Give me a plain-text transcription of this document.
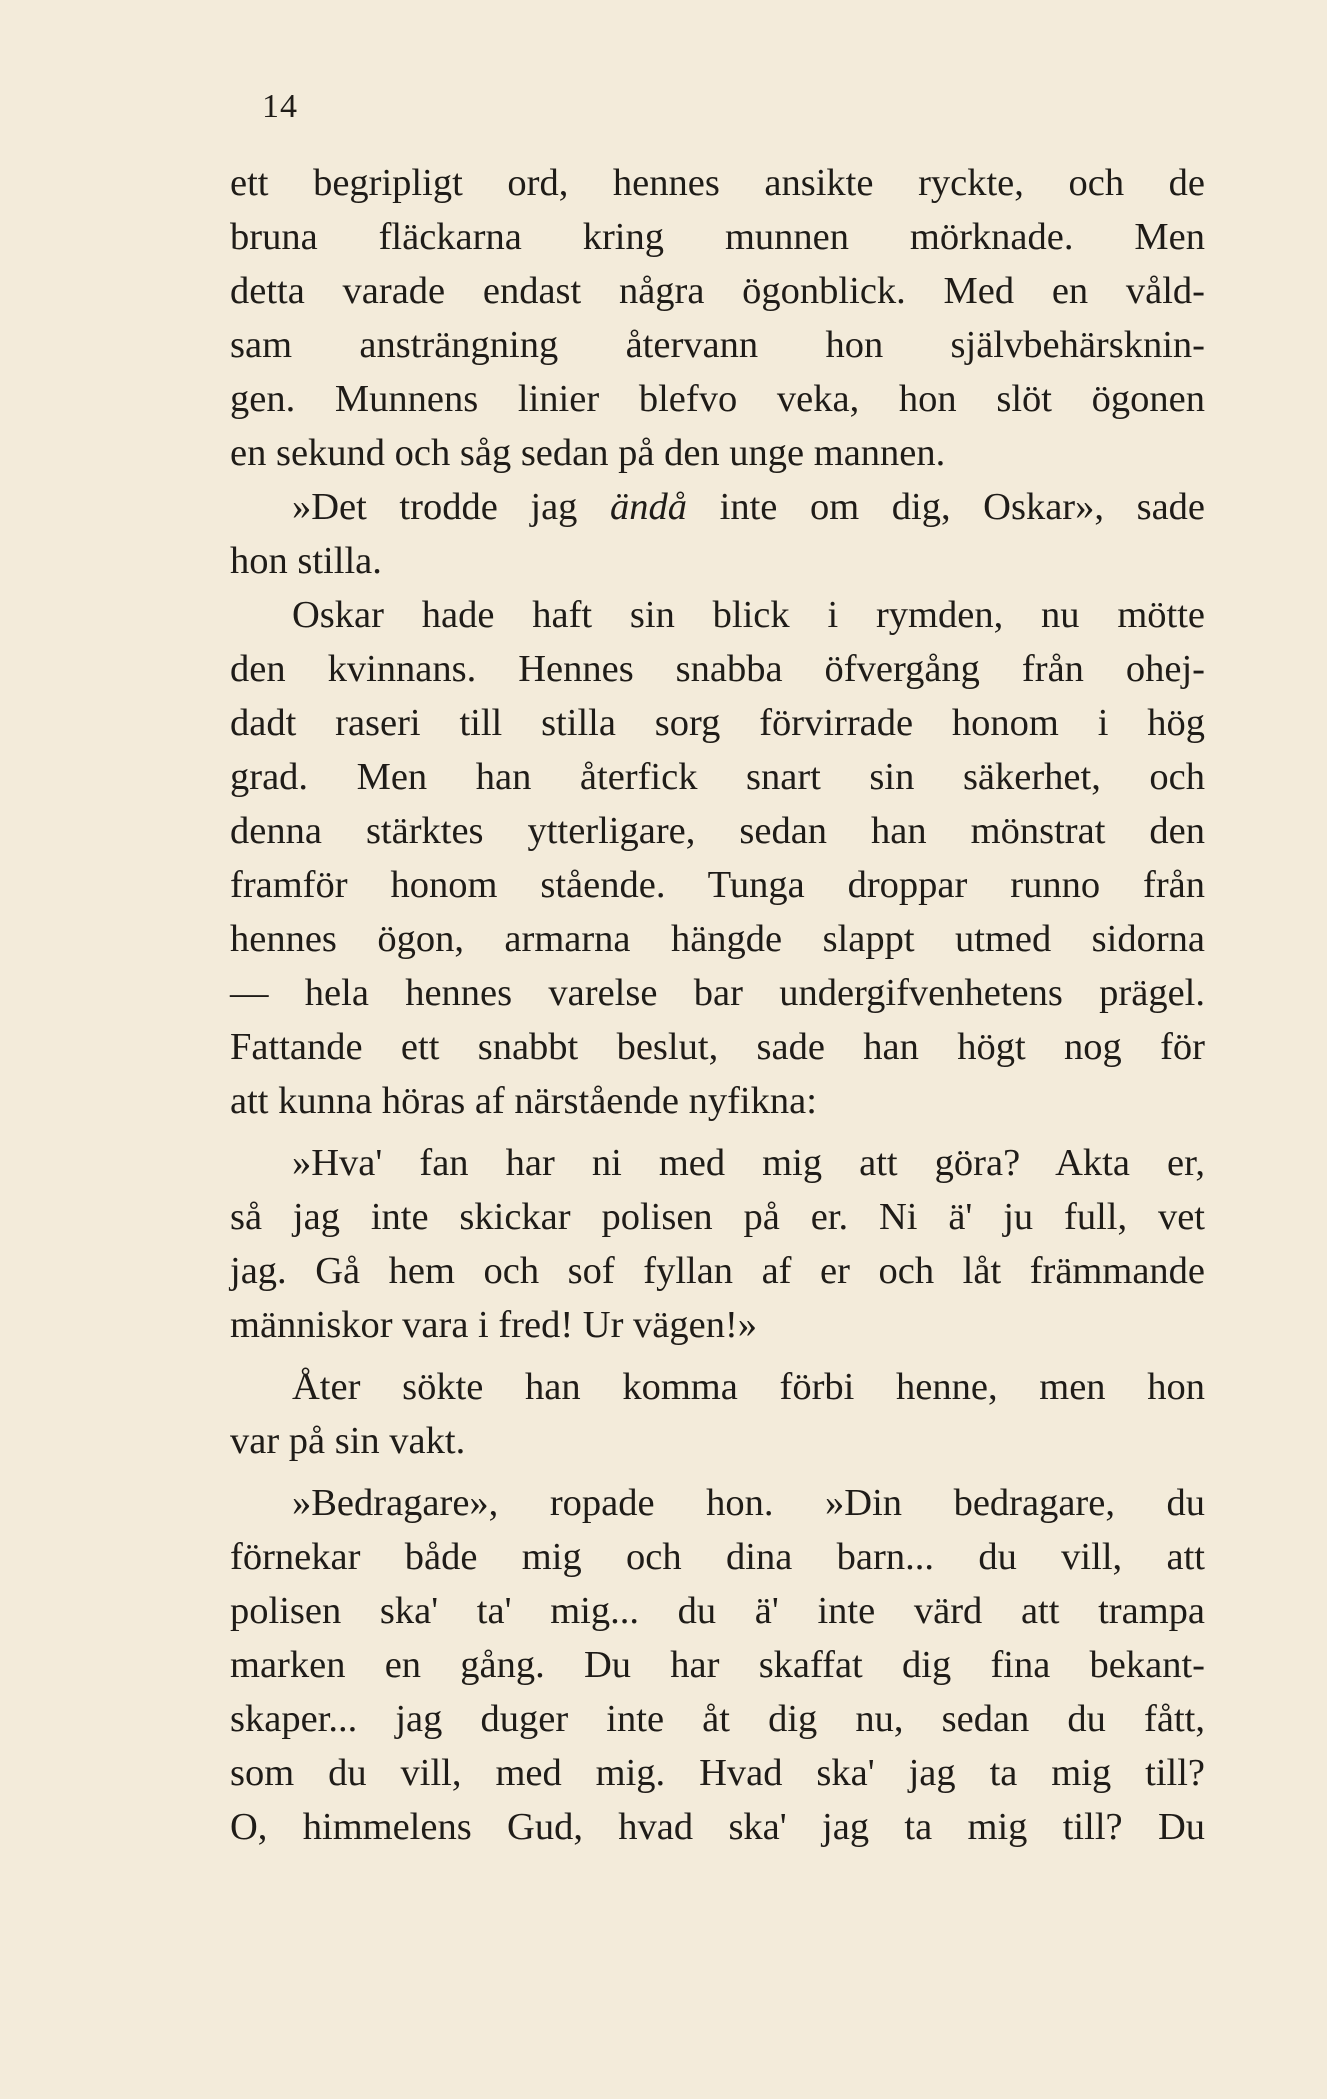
14

ett begripligt ord, hennes ansikte ryckte, och de
bruna fläckarna kring munnen mörknade. Men
detta varade endast några ögonblick. Med en våld-
sam ansträngning återvann hon självbehärsknin-
gen. Munnens linier blefvo veka, hon slöt ögonen
en sekund och såg sedan på den unge mannen.

»Det trodde jag ändå inte om dig, Oskar», sade
hon stilla.

Oskar hade haft sin blick i rymden, nu mötte
den kvinnans. Hennes snabba öfvergång från ohej-
dadt raseri till stilla sorg förvirrade honom i hög
grad. Men han återfick snart sin säkerhet, och
denna stärktes ytterligare, sedan han mönstrat den
framför honom stående. Tunga droppar runno från
hennes ögon, armarna hängde slappt utmed sidorna
— hela hennes varelse bar undergifvenhetens prägel.
Fattande ett snabbt beslut, sade han högt nog för
att kunna höras af närstående nyfikna:

»Hva' fan har ni med mig att göra? Akta er,
så jag inte skickar polisen på er. Ni ä' ju full, vet
jag. Gå hem och sof fyllan af er och låt främmande
människor vara i fred! Ur vägen!»

Åter sökte han komma förbi henne, men hon
var på sin vakt.

»Bedragare», ropade hon. »Din bedragare, du
förnekar både mig och dina barn... du vill, att
polisen ska' ta' mig... du ä' inte värd att trampa
marken en gång. Du har skaffat dig fina bekant-
skaper... jag duger inte åt dig nu, sedan du fått,
som du vill, med mig. Hvad ska' jag ta mig till?
O, himmelens Gud, hvad ska' jag ta mig till? Du
